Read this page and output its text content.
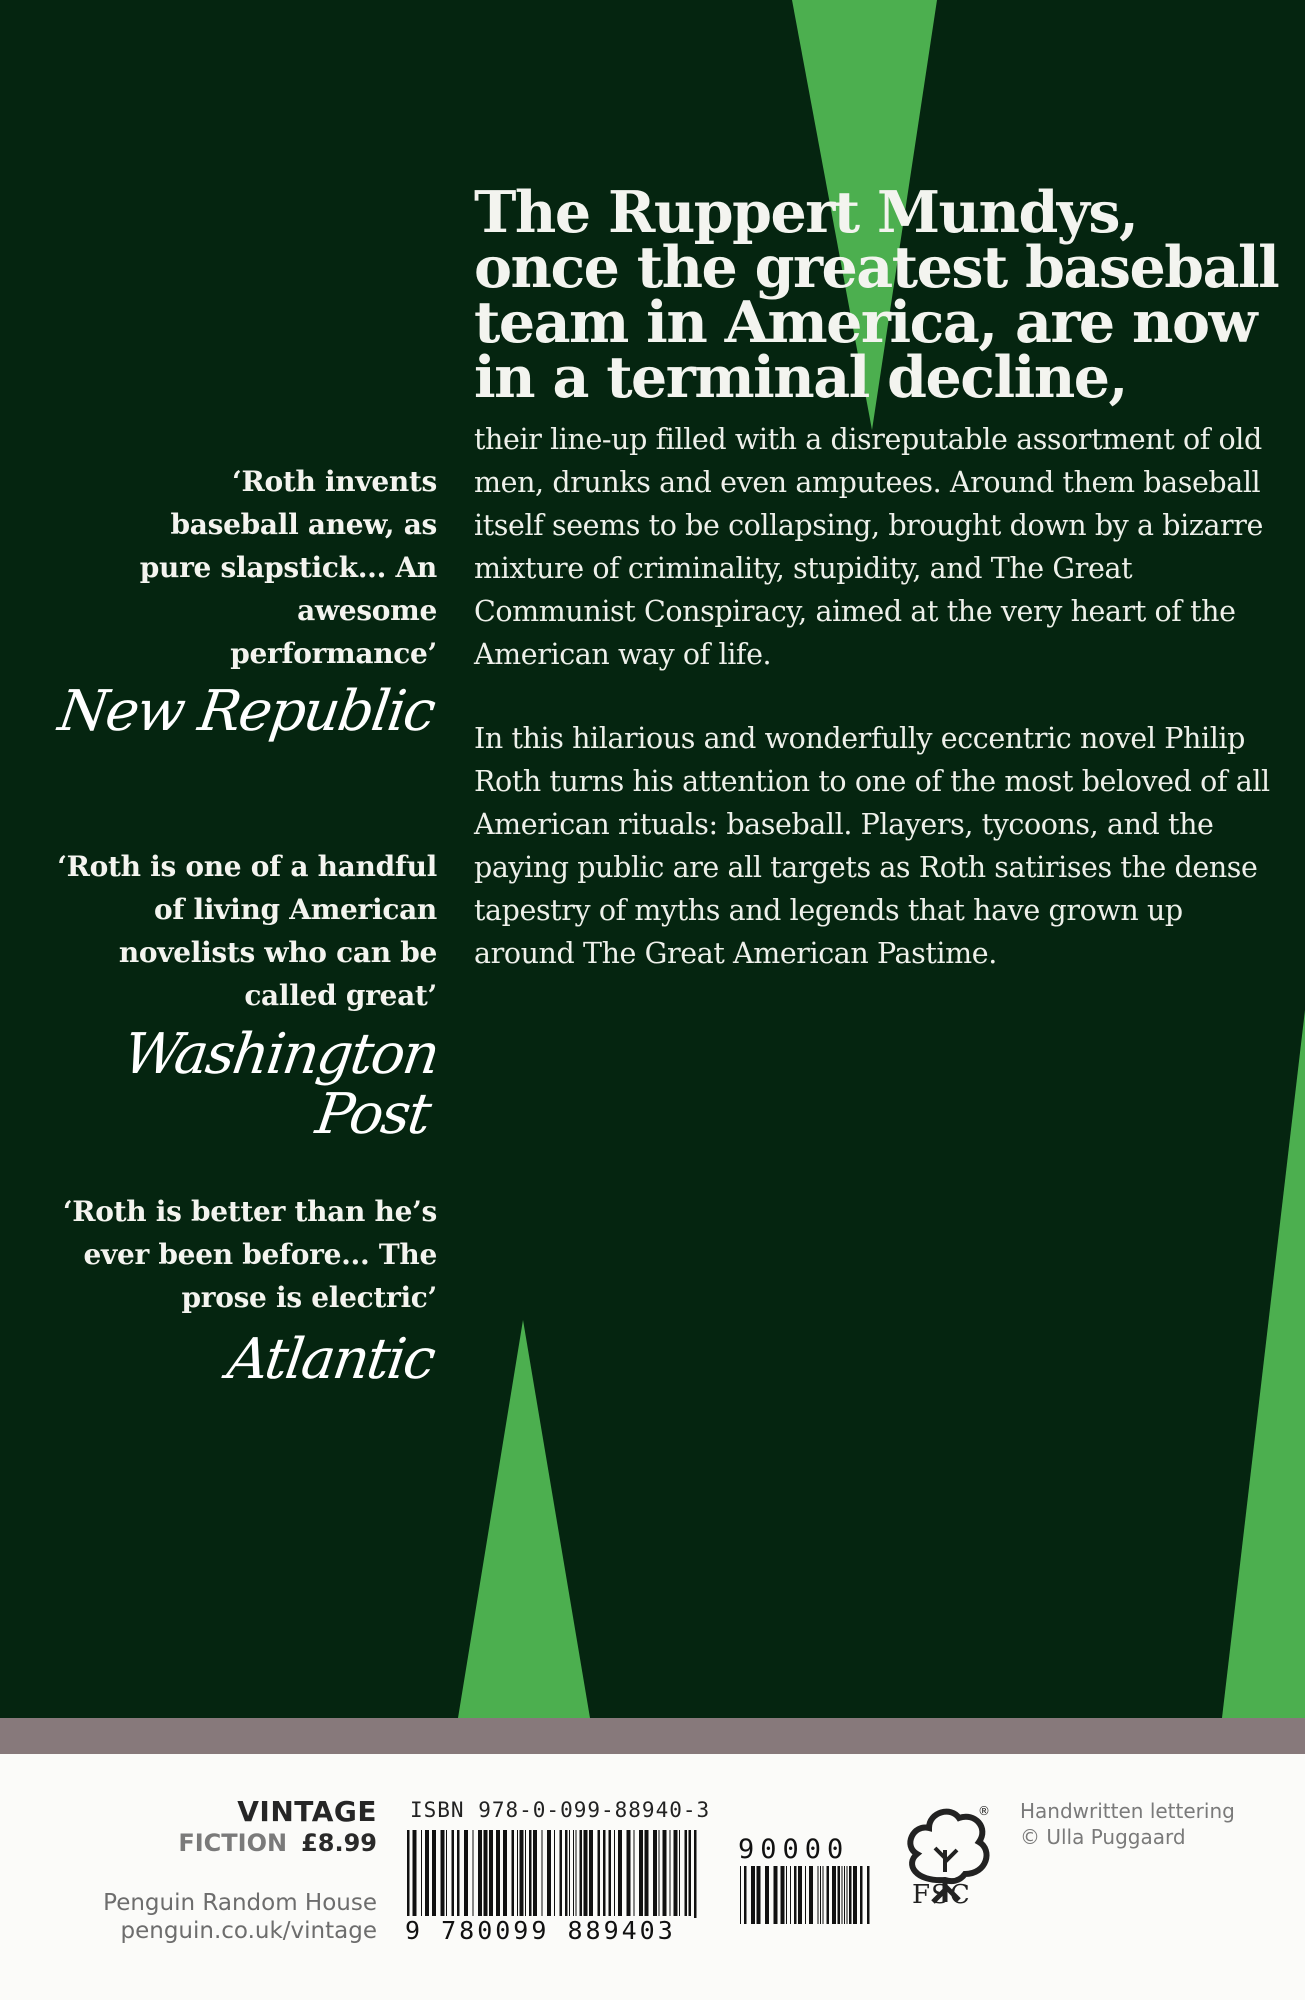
The Ruppert Mundys, once the greatest baseball team in America, are now in a terminal decline,

their line-up filled with a disreputable assortment of old men, drunks and even amputees. Around them baseball itself seems to be collapsing, brought down by a bizarre mixture of criminality, stupidity, and The Great Communist Conspiracy, aimed at the very heart of the American way of life.

In this hilarious and wonderfully eccentric novel Philip Roth turns his attention to one of the most beloved of all American rituals: baseball. Players, tycoons, and the paying public are all targets as Roth satirises the dense tapestry of myths and legends that have grown up around The Great American Pastime.

‘Roth invents baseball anew, as pure slapstick... An awesome performance’

New Republic

‘Roth is one of a handful of living American novelists who can be called great’

Washington Post

‘Roth is better than he’s ever been before... The prose is electric’

Atlantic
VINTAGE
FICTION £8.99
Penguin Random House
penguin.co.uk/vintage
ISBN 978-0-099-88940-3
9 780099 889403
90000
®
FSC
Handwritten lettering
© Ulla Puggaard
